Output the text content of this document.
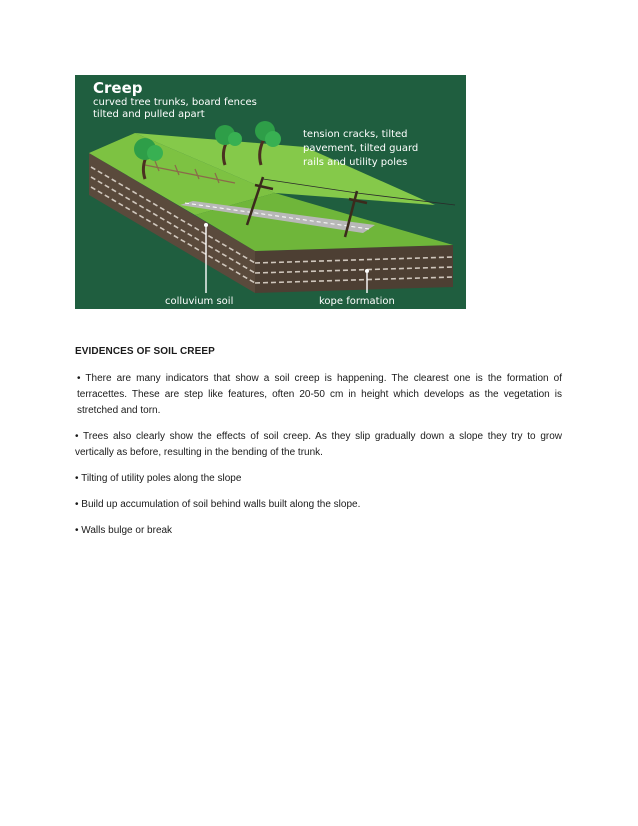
Creep
curved tree trunks, board fences
tilted and pulled apart
tension cracks, tilted
pavement, tilted guard
rails and utility poles
colluvium soil	kope formation

EVIDENCES OF SOIL CREEP

• There are many indicators that show a soil creep is happening. The clearest one is the formation of terracettes. These are step like features, often 20-50 cm in height which develops as the vegetation is stretched and torn.

• Trees also clearly show the effects of soil creep. As they slip gradually down a slope they try to grow vertically as before, resulting in the bending of the trunk.

• Tilting of utility poles along the slope

• Build up accumulation of soil behind walls built along the slope.

• Walls bulge or break
